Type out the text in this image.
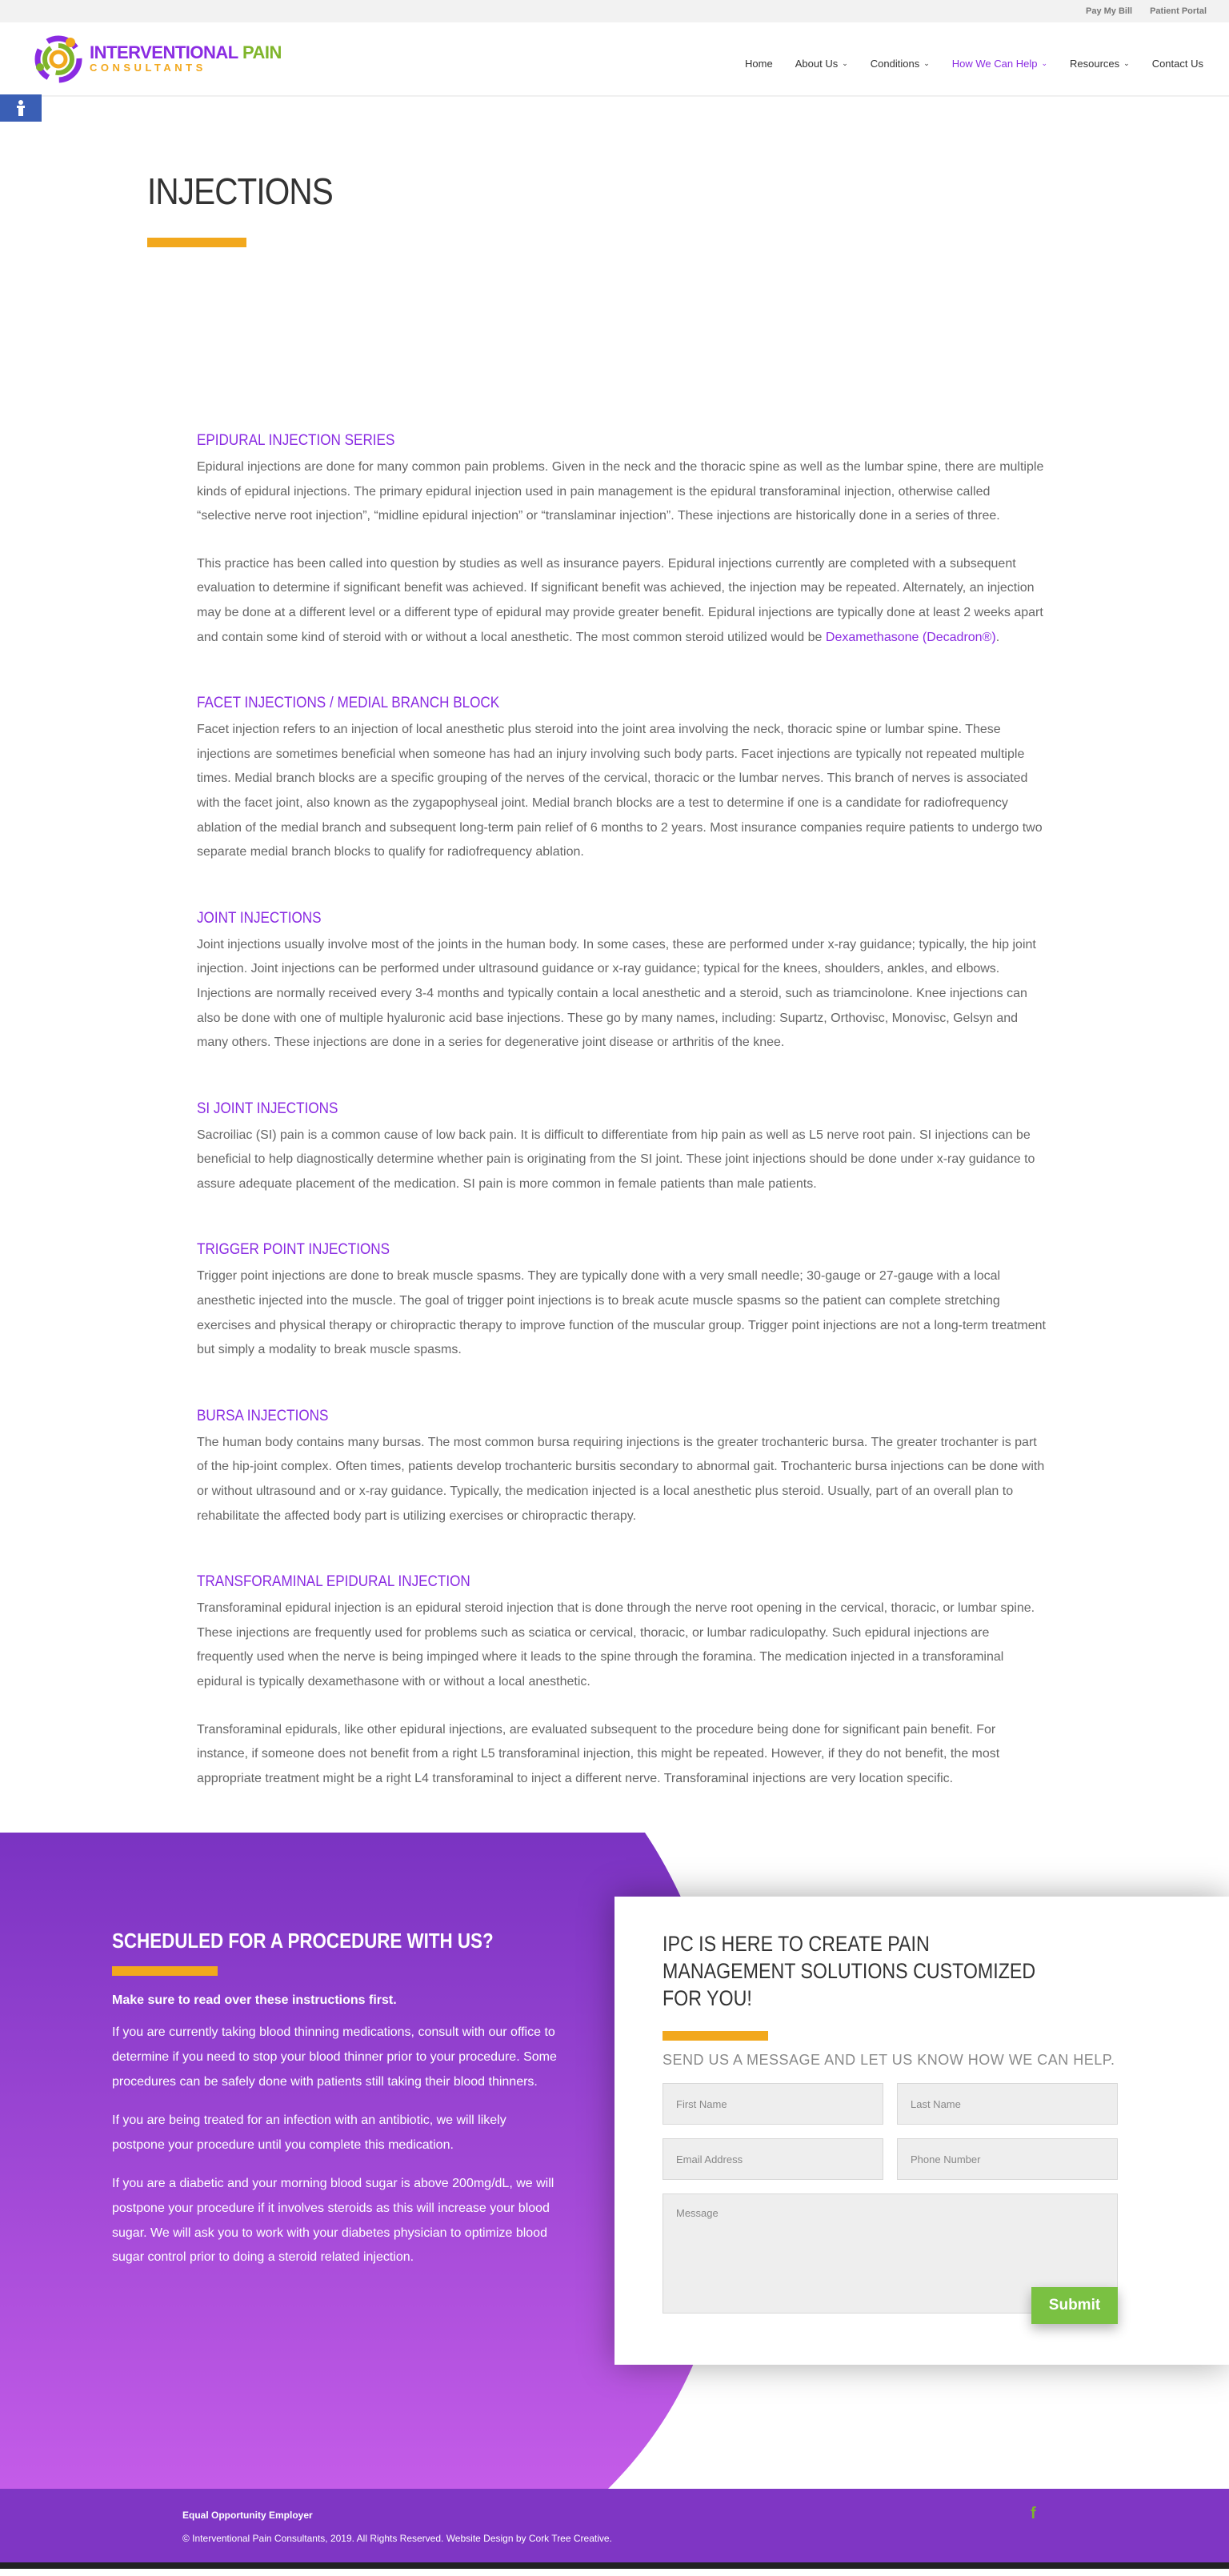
Pay My Bill Patient Portal
INTERVENTIONAL PAIN
CONSULTANTS	Home About Us ⌄ Conditions ⌄ How We Can Help ⌄ Resources ⌄ Contact Us
INJECTIONS
EPIDURAL INJECTION SERIES

Epidural injections are done for many common pain problems. Given in the neck and the thoracic spine as well as the lumbar spine, there are multiple kinds of epidural injections. The primary epidural injection used in pain management is the epidural transforaminal injection, otherwise called “selective nerve root injection”, “midline epidural injection” or “translaminar injection”. These injections are historically done in a series of three.

This practice has been called into question by studies as well as insurance payers. Epidural injections currently are completed with a subsequent evaluation to determine if significant benefit was achieved. If significant benefit was achieved, the injection may be repeated. Alternately, an injection may be done at a different level or a different type of epidural may provide greater benefit. Epidural injections are typically done at least 2 weeks apart and contain some kind of steroid with or without a local anesthetic. The most common steroid utilized would be Dexamethasone (Decadron®).

FACET INJECTIONS / MEDIAL BRANCH BLOCK

Facet injection refers to an injection of local anesthetic plus steroid into the joint area involving the neck, thoracic spine or lumbar spine. These injections are sometimes beneficial when someone has had an injury involving such body parts. Facet injections are typically not repeated multiple times. Medial branch blocks are a specific grouping of the nerves of the cervical, thoracic or the lumbar nerves. This branch of nerves is associated with the facet joint, also known as the zygapophyseal joint. Medial branch blocks are a test to determine if one is a candidate for radiofrequency ablation of the medial branch and subsequent long-term pain relief of 6 months to 2 years. Most insurance companies require patients to undergo two separate medial branch blocks to qualify for radiofrequency ablation.

JOINT INJECTIONS

Joint injections usually involve most of the joints in the human body. In some cases, these are performed under x-ray guidance; typically, the hip joint injection. Joint injections can be performed under ultrasound guidance or x-ray guidance; typical for the knees, shoulders, ankles, and elbows. Injections are normally received every 3-4 months and typically contain a local anesthetic and a steroid, such as triamcinolone. Knee injections can also be done with one of multiple hyaluronic acid base injections. These go by many names, including: Supartz, Orthovisc, Monovisc, Gelsyn and many others. These injections are done in a series for degenerative joint disease or arthritis of the knee.

SI JOINT INJECTIONS

Sacroiliac (SI) pain is a common cause of low back pain. It is difficult to differentiate from hip pain as well as L5 nerve root pain. SI injections can be beneficial to help diagnostically determine whether pain is originating from the SI joint. These joint injections should be done under x-ray guidance to assure adequate placement of the medication. SI pain is more common in female patients than male patients.

TRIGGER POINT INJECTIONS

Trigger point injections are done to break muscle spasms. They are typically done with a very small needle; 30-gauge or 27-gauge with a local anesthetic injected into the muscle. The goal of trigger point injections is to break acute muscle spasms so the patient can complete stretching exercises and physical therapy or chiropractic therapy to improve function of the muscular group. Trigger point injections are not a long-term treatment but simply a modality to break muscle spasms.

BURSA INJECTIONS

The human body contains many bursas. The most common bursa requiring injections is the greater trochanteric bursa. The greater trochanter is part of the hip-joint complex. Often times, patients develop trochanteric bursitis secondary to abnormal gait. Trochanteric bursa injections can be done with or without ultrasound and or x-ray guidance. Typically, the medication injected is a local anesthetic plus steroid. Usually, part of an overall plan to rehabilitate the affected body part is utilizing exercises or chiropractic therapy.

TRANSFORAMINAL EPIDURAL INJECTION

Transforaminal epidural injection is an epidural steroid injection that is done through the nerve root opening in the cervical, thoracic, or lumbar spine. These injections are frequently used for problems such as sciatica or cervical, thoracic, or lumbar radiculopathy. Such epidural injections are frequently used when the nerve is being impinged where it leads to the spine through the foramina. The medication injected in a transforaminal epidural is typically dexamethasone with or without a local anesthetic.

Transforaminal epidurals, like other epidural injections, are evaluated subsequent to the procedure being done for significant pain benefit. For instance, if someone does not benefit from a right L5 transforaminal injection, this might be repeated. However, if they do not benefit, the most appropriate treatment might be a right L4 transforaminal to inject a different nerve. Transforaminal injections are very location specific.

SCHEDULED FOR A PROCEDURE WITH US?
Make sure to read over these instructions first.

If you are currently taking blood thinning medications, consult with our office to determine if you need to stop your blood thinner prior to your procedure. Some procedures can be safely done with patients still taking their blood thinners.

If you are being treated for an infection with an antibiotic, we will likely postpone your procedure until you complete this medication.

If you are a diabetic and your morning blood sugar is above 200mg/dL, we will postpone your procedure if it involves steroids as this will increase your blood sugar. We will ask you to work with your diabetes physician to optimize blood sugar control prior to doing a steroid related injection.

IPC IS HERE TO CREATE PAIN MANAGEMENT SOLUTIONS CUSTOMIZED FOR YOU!
SEND US A MESSAGE AND LET US KNOW HOW WE CAN HELP.
First Name	Last Name
Email Address	Phone Number
Message
Submit
Equal Opportunity Employer
© Interventional Pain Consultants, 2019. All Rights Reserved. Website Design by Cork Tree Creative.
f
